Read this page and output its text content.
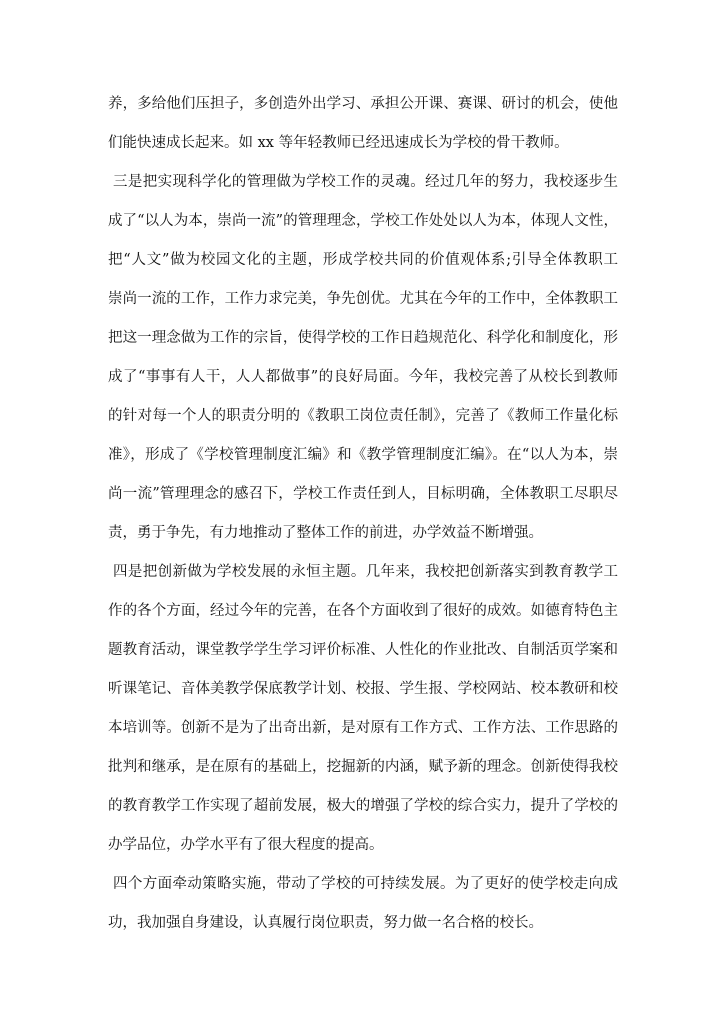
养，多给他们压担子，多创造外出学习、承担公开课、赛课、研讨的机会，使他
们能快速成长起来。如 xx 等年轻教师已经迅速成长为学校的骨干教师。
三是把实现科学化的管理做为学校工作的灵魂。经过几年的努力，我校逐步生
成了“以人为本，崇尚一流”的管理理念，学校工作处处以人为本，体现人文性，
把“人文”做为校园文化的主题，形成学校共同的价值观体系;引导全体教职工
崇尚一流的工作，工作力求完美，争先创优。尤其在今年的工作中，全体教职工
把这一理念做为工作的宗旨，使得学校的工作日趋规范化、科学化和制度化，形
成了“事事有人干，人人都做事”的良好局面。今年，我校完善了从校长到教师
的针对每一个人的职责分明的《教职工岗位责任制》，完善了《教师工作量化标
准》，形成了《学校管理制度汇编》和《教学管理制度汇编》。在“以人为本，崇
尚一流”管理理念的感召下，学校工作责任到人，目标明确，全体教职工尽职尽
责，勇于争先，有力地推动了整体工作的前进，办学效益不断增强。
四是把创新做为学校发展的永恒主题。几年来，我校把创新落实到教育教学工
作的各个方面，经过今年的完善，在各个方面收到了很好的成效。如德育特色主
题教育活动，课堂教学学生学习评价标准、人性化的作业批改、自制活页学案和
听课笔记、音体美教学保底教学计划、校报、学生报、学校网站、校本教研和校
本培训等。创新不是为了出奇出新，是对原有工作方式、工作方法、工作思路的
批判和继承，是在原有的基础上，挖掘新的内涵，赋予新的理念。创新使得我校
的教育教学工作实现了超前发展，极大的增强了学校的综合实力，提升了学校的
办学品位，办学水平有了很大程度的提高。
四个方面牵动策略实施，带动了学校的可持续发展。为了更好的使学校走向成
功，我加强自身建设，认真履行岗位职责，努力做一名合格的校长。
